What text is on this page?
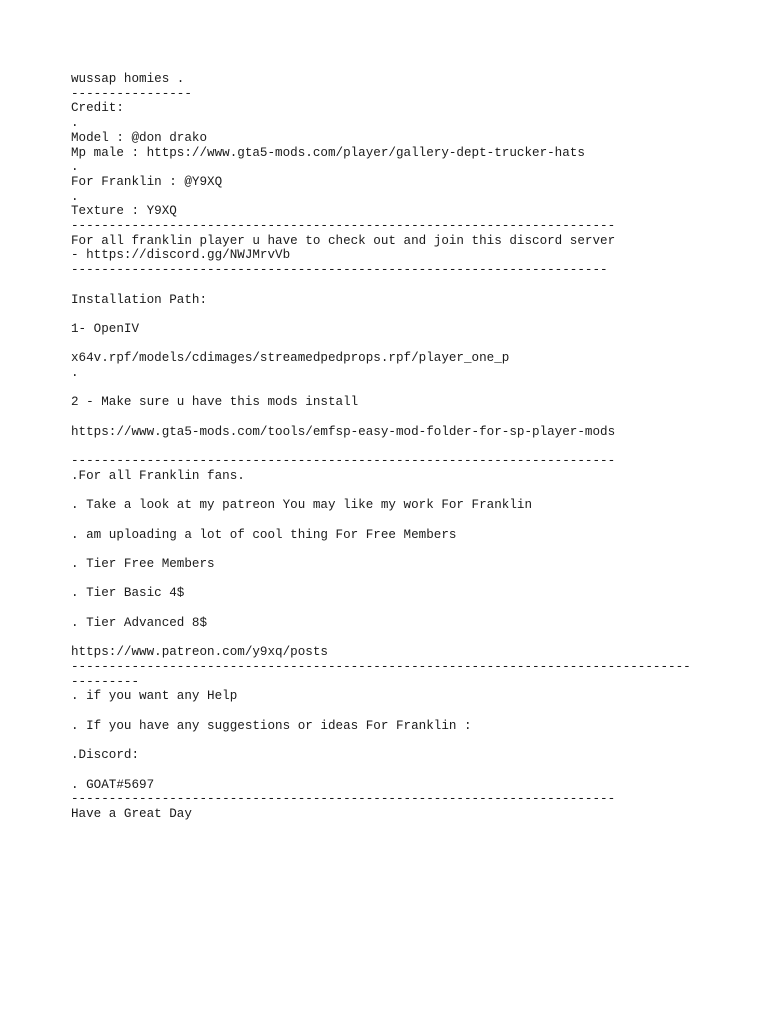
wussap homies .
----------------
Credit:
.
Model : @don drako
Mp male : https://www.gta5-mods.com/player/gallery-dept-trucker-hats
.
For Franklin : @Y9XQ
.
Texture : Y9XQ
------------------------------------------------------------------------
For all franklin player u have to check out and join this discord server
- https://discord.gg/NWJMrvVb
-----------------------------------------------------------------------
Installation Path:
1- OpenIV
x64v.rpf/models/cdimages/streamedpedprops.rpf/player_one_p
.
2 - Make sure u have this mods install
https://www.gta5-mods.com/tools/emfsp-easy-mod-folder-for-sp-player-mods
------------------------------------------------------------------------
.For all Franklin fans.
. Take a look at my patreon You may like my work For Franklin
. am uploading a lot of cool thing For Free Members
. Tier Free Members
. Tier Basic 4$
. Tier Advanced 8$
https://www.patreon.com/y9xq/posts
----------------------------------------------------------------------------------
---------
. if you want any Help
. If you have any suggestions or ideas For Franklin :
.Discord:
. GOAT#5697
------------------------------------------------------------------------
Have a Great Day
